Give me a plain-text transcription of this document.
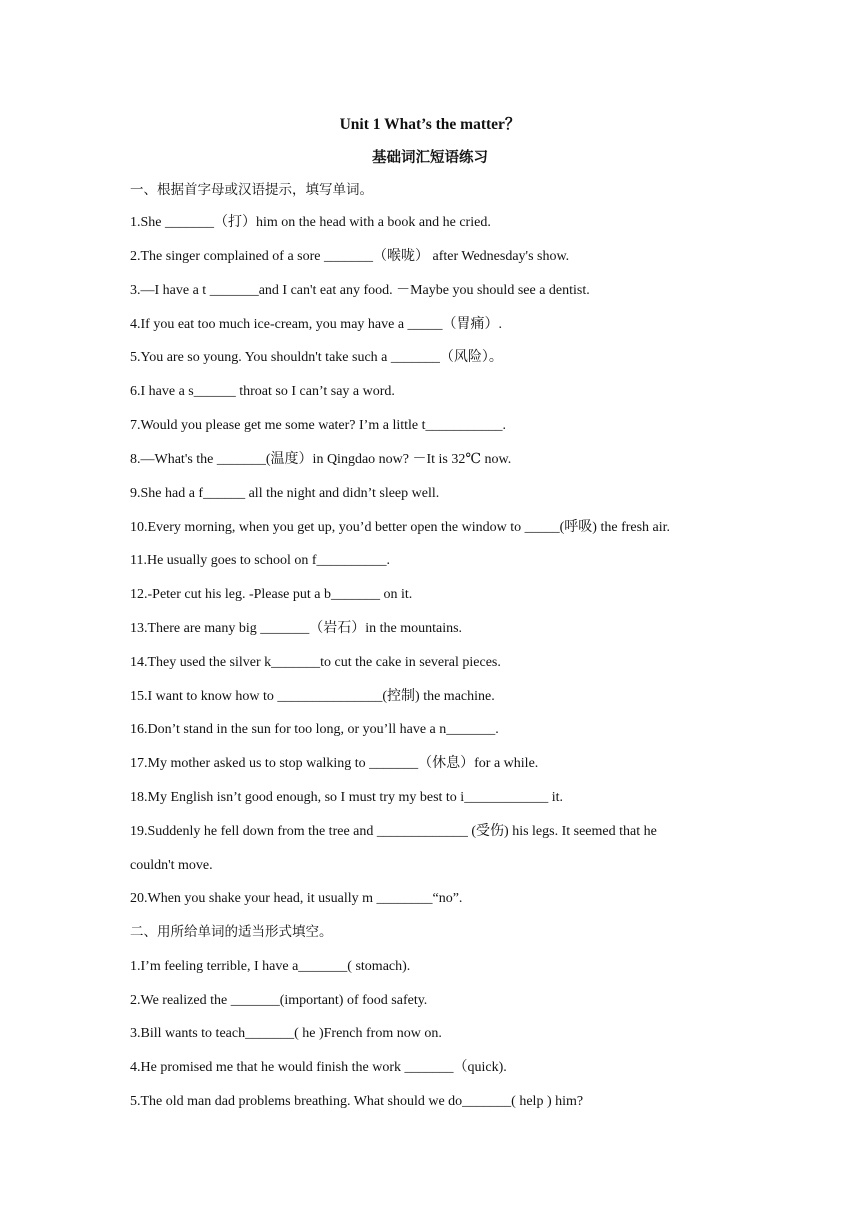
Unit 1 What’s the matter？
基础词汇短语练习
一、根据首字母或汉语提示，填写单词。
1.She _______（打）him on the head with a book and he cried.
2.The singer complained of a sore _______（喉咙） after Wednesday's show.
3.—I have a t _______and I can't eat any food. －Maybe you should see a dentist.
4.If you eat too much ice-cream, you may have a _____（胃痛）.
5.You are so young. You shouldn't take such a _______（风险）。
6.I have a s______ throat so I can’t say a word.
7.Would you please get me some water? I’m a little t___________.
8.—What's the _______(温度）in Qingdao now? －It is 32℃ now.
9.She had a f______ all the night and didn’t sleep well.
10.Every morning, when you get up, you’d better open the window to _____(呼吸) the fresh air.
11.He usually goes to school on f__________.
12.-Peter cut his leg. -Please put a b_______ on it.
13.There are many big _______（岩石）in the mountains.
14.They used the silver k_______to cut the cake in several pieces.
15.I want to know how to _______________(控制) the machine.
16.Don’t stand in the sun for too long, or you’ll have a n_______.
17.My mother asked us to stop walking to _______（休息）for a while.
18.My English isn’t good enough, so I must try my best to i____________ it.
19.Suddenly he fell down from the tree and _____________ (受伤) his legs. It seemed that he
couldn't move.
20.When you shake your head, it usually m ________“no”.
二、用所给单词的适当形式填空。
1.I’m feeling terrible, I have a_______( stomach).
2.We realized the _______(important) of food safety.
3.Bill wants to teach_______( he )French from now on.
4.He promised me that he would finish the work _______（quick).
5.The old man dad problems breathing. What should we do_______( help ) him?
